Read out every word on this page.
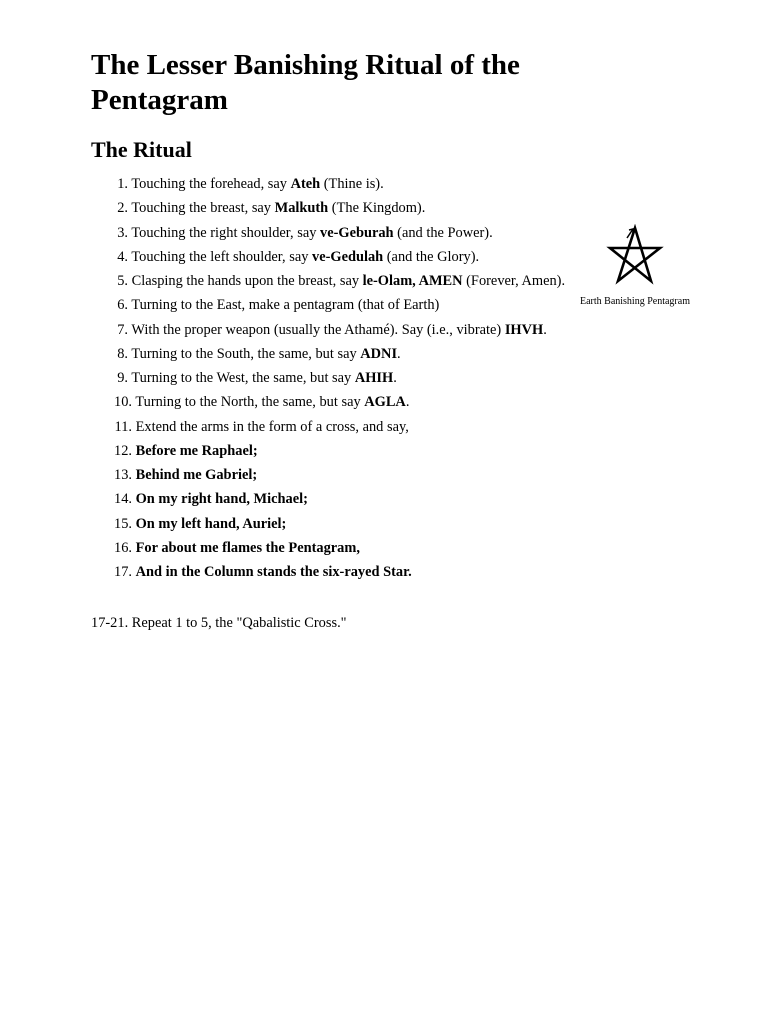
The Lesser Banishing Ritual of the Pentagram
The Ritual
1. Touching the forehead, say Ateh (Thine is).
2. Touching the breast, say Malkuth (The Kingdom).
3. Touching the right shoulder, say ve-Geburah (and the Power).
4. Touching the left shoulder, say ve-Gedulah (and the Glory).
5. Clasping the hands upon the breast, say le-Olam, AMEN (Forever, Amen).
6. Turning to the East, make a pentagram (that of Earth)
7. With the proper weapon (usually the Athamé). Say (i.e., vibrate) IHVH.
8. Turning to the South, the same, but say ADNI.
9. Turning to the West, the same, but say AHIH.
10. Turning to the North, the same, but say AGLA.
11. Extend the arms in the form of a cross, and say,
12. Before me Raphael;
13. Behind me Gabriel;
14. On my right hand, Michael;
15. On my left hand, Auriel;
16. For about me flames the Pentagram,
17. And in the Column stands the six-rayed Star.
Earth Banishing Pentagram

17-21. Repeat 1 to 5, the "Qabalistic Cross."
